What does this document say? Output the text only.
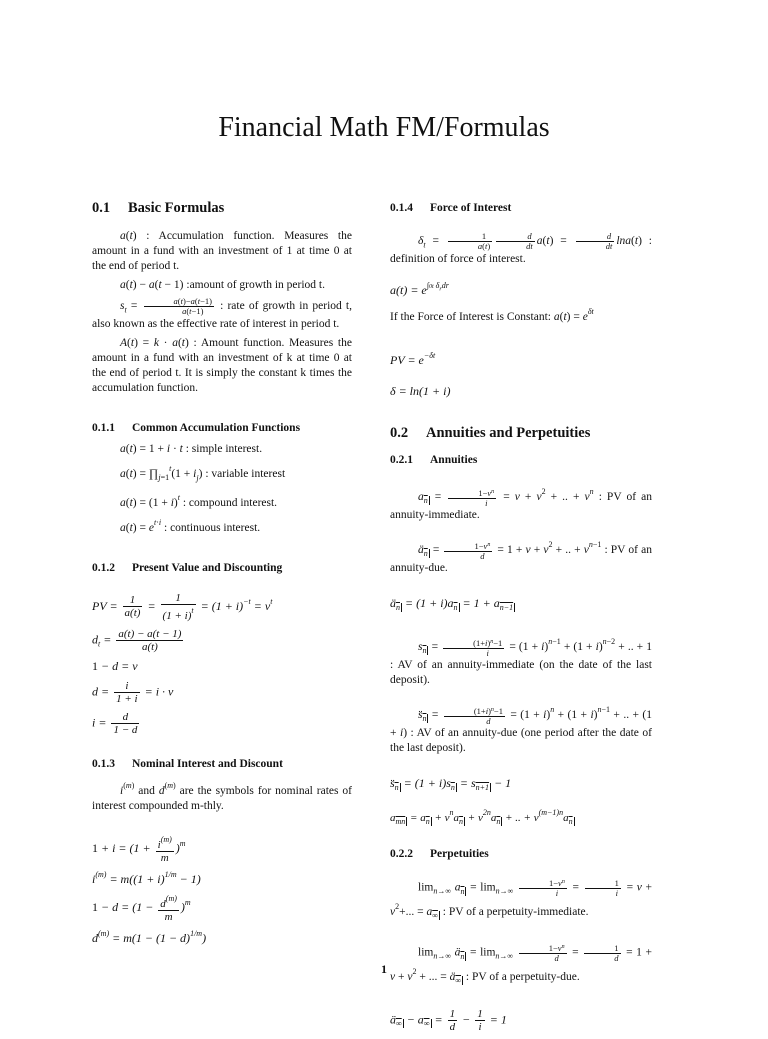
Financial Math FM/Formulas
0.1 Basic Formulas

a(t) : Accumulation function. Measures the amount in a fund with an investment of 1 at time 0 at the end of period t.

a(t) − a(t − 1) :amount of growth in period t.

$s_t = \frac{a(t)-a(t-1)}{a(t-1)}$ : rate of growth in period t, also known as the effective rate of interest in period t.

A(t) = k · a(t) : Amount function. Measures the amount in a fund with an investment of k at time 0 at the end of period t. It is simply the constant k times the accumulation function.

0.1.1 Common Accumulation Functions

a(t) = 1 + i · t : simple interest.

$a(t) = \prod_{j=1}^t(1 + i_j)$ : variable interest

$a(t) = (1 + i)^t$ : compound interest.

$a(t) = e^{t\cdot i}$ : continuous interest.

0.1.2 Present Value and Discounting
PV = $\frac{1}{a(t)} = \frac{1}{(1 + i)^t} = (1 + i)^{-t} = v^t$
$d_t = \frac{a(t) - a(t - 1)}{a(t)}$
1 − d = v
$d = \frac{i}{1 + i} = i \cdot v$
$i = \frac{d}{1 - d}$
0.1.3 Nominal Interest and Discount

$i^{(m)}$ and $d^{(m)}$ are the symbols for nominal rates of interest compounded m-thly.

$1 + i = (1 + \frac{i^{(m)}}{m} )^m$
$i^{(m)} = m((1 + i)^{1/m} - 1)$
$1 - d = (1 - \frac{d^{(m)}}{m} )^m$
$d^{(m)} = m(1 - (1 - d)^{1/m})$
0.1.4 Force of Interest

$\delta_t = \frac{1}{a(t)} \frac{d}{dt} a(t) = \frac{d}{dt} \ln a(t)$ : definition of force of interest.

$a(t) = e^{\int 0t \delta_rdr}$

If the Force of Interest is Constant: $a(t) = e^{\delta t}$

PV = $e^{-\delta t}$
δ = ln(1 + i)
0.2 Annuities and Perpetuities
0.2.1 Annuities

$a_{\overline{n}} = \frac{1-v^n}{i} = v + v^2$ + .. + $v^n$ : PV of an annuity-immediate.

$ä_{\overline{n}} = \frac{1-v^n}{d} = 1 + v + v^2$ + .. + $v^{n-1}$ : PV of an annuity-due.

$ä_{\overline{n}} = (1 + i)a_{\overline{n}} = 1 + a_{n-1}$

$s_{\overline{n}} = \frac{(1+i)^n-1}{i} = (1 + i)^{n-1} + (1 + i)^{n-2}$ + .. + 1 : AV of an annuity-immediate (on the date of the last deposit).

$s̈_{\overline{n}} = \frac{(1+i)^n-1}{d} = (1 + i)^n + (1 + i)^{n-1}$ + .. + (1 + i) : AV of an annuity-due (one period after the date of the last deposit).

$s̈_{\overline{n}} = (1 + i)s_{\overline{n}} = s_{n+1} - 1$
$a_{\overline{mn}} = a_{\overline{n}} + v^na_{\overline{n}} + v^{2n}a_{\overline{n}}$ + .. + $v^{(m-1)n}a_{\overline{n}}$
0.2.2 Perpetuities

$\lim_{n\to\infty} a_{\overline{n}} = \lim_{n\to\infty} \frac{1-v^n}{i} = \frac{1}{i} = v + v^2+$... = $a_\infty$ : PV of a perpetuity-immediate.

$\lim_{n\to\infty}$ $ä_{\overline{n}} = \lim_{n\to\infty} \frac{1-v^n}{d} = \frac{1}{d} = 1 + v + v^2$ + ... = $ä_\infty$ : PV of a perpetuity-due.

$ä_\infty - a_\infty = \frac{1}{d} - \frac{1}{i} = 1$
1
